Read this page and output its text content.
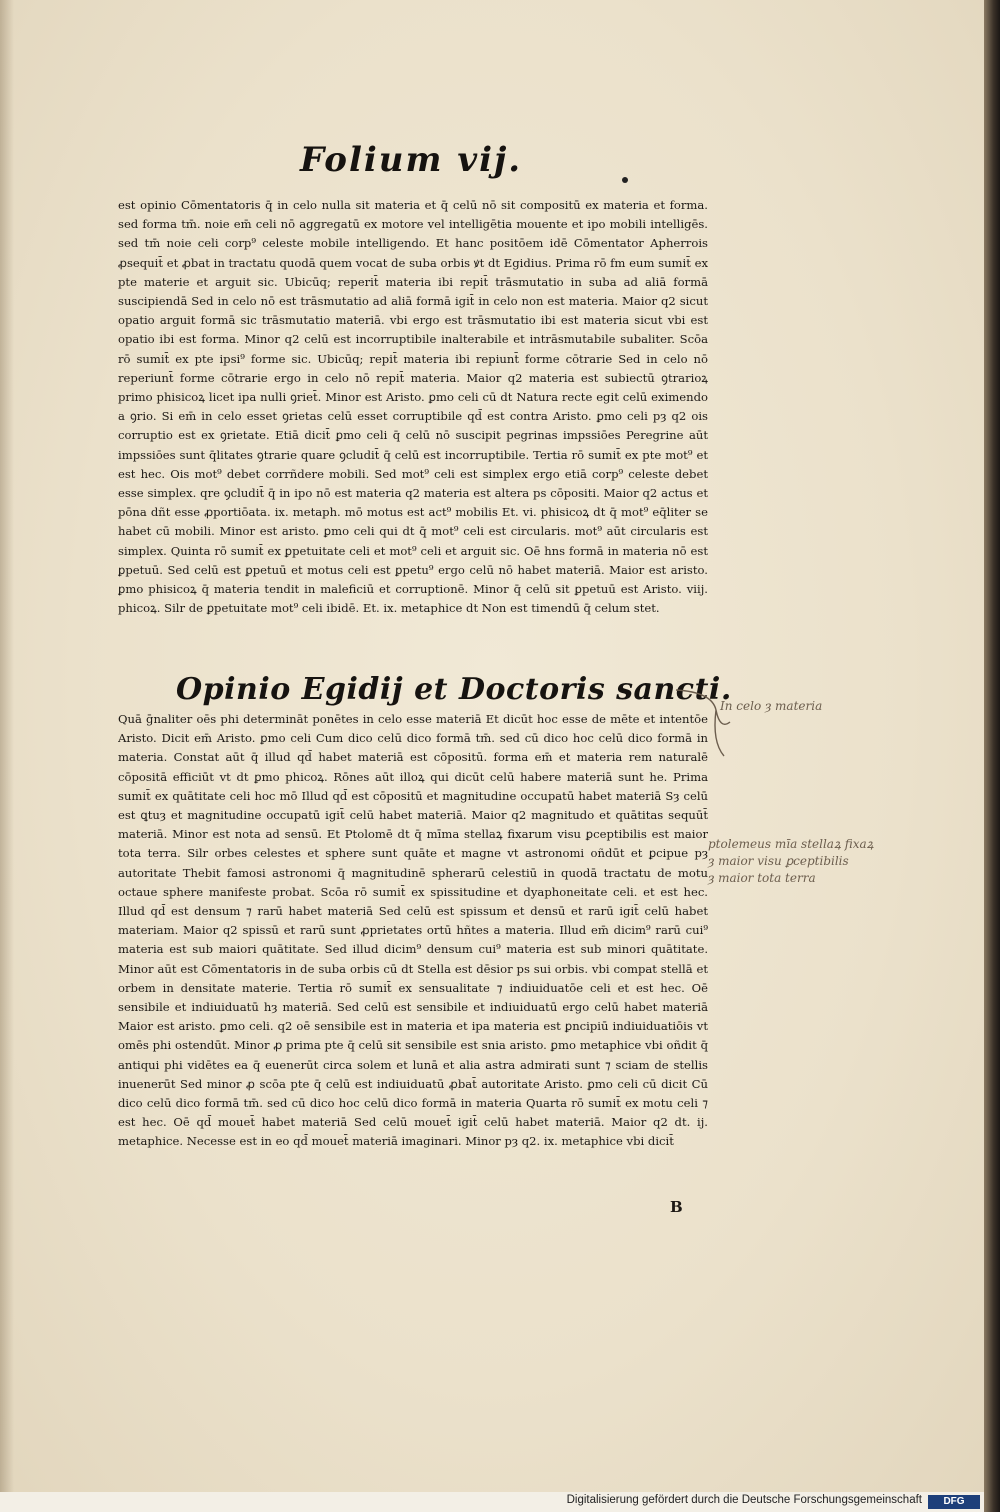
Folium vij.

est opinio Cōmentatoris q̄ in celo nulla sit materia et q̄ celū nō sit compositū ex materia et forma. sed forma tm̄. noie em̄ celi nō aggregatū ex motore vel intelligētia mouente et ipo mobili intelligēs. sed tm̄ noie celi corp⁹ celeste mobile intelligendo. Et hanc positōem idē Cōmentator Apherrois ꝓsequit̄ et ꝓbat in tractatu quodā quem vocat de suba orbis ꝟt dt Egidius. Prima rō fm eum sumit̄ ex pte materie et arguit sic. Ubicūq; reperit̄ materia ibi repit̄ trāsmutatio in suba ad aliā formā suscipiendā Sed in celo nō est trāsmutatio ad aliā formā igit̄ in celo non est materia. Maior q2 sicut opatio arguit formā sic trāsmutatio materiā. vbi ergo est trāsmutatio ibi est materia sicut vbi est opatio ibi est forma. Minor q2 celū est incorruptibile inalterabile et intrāsmutabile subaliter. Scōa rō sumit̄ ex pte ipsi⁹ forme sic. Ubicūq; repit̄ materia ibi repiunt̄ forme cōtrarie Sed in celo nō reperiunt̄ forme cōtrarie ergo in celo nō repit̄ materia. Maior q2 materia est subiectū ꝯtrarioꝝ primo phisicoꝝ licet ipa nulli ꝯriet̄. Minor est Aristo. ꝑmo celi cū dt Natura recte egit celū eximendo a ꝯrio. Si em̄ in celo esset ꝯrietas celū esset corruptibile qd̄ est contra Aristo. ꝑmo celi pȝ q2 ois corruptio est ex ꝯrietate. Etiā dicit̄ ꝑmo celi q̄ celū nō suscipit pegrinas impssiōes Peregrine aūt impssiōes sunt q̄litates ꝯtrarie quare ꝯcludit̄ q̄ celū est incorruptibile. Tertia rō sumit̄ ex pte mot⁹ et est hec. Ois mot⁹ debet corrñdere mobili. Sed mot⁹ celi est simplex ergo etiā corp⁹ celeste debet esse simplex. qre ꝯcludit̄ q̄ in ipo nō est materia q2 materia est altera ps cōpositi. Maior q2 actus et pōna dñt esse ꝓportiōata. ix. metaph. mō motus est act⁹ mobilis Et. vi. phisicoꝝ dt q̄ mot⁹ eq̄liter se habet cū mobili. Minor est aristo. ꝑmo celi qui dt q̄ mot⁹ celi est circularis. mot⁹ aūt circularis est simplex. Quinta rō sumit̄ ex ꝑpetuitate celi et mot⁹ celi et arguit sic. Oē hns formā in materia nō est ꝑpetuū. Sed celū est ꝑpetuū et motus celi est ꝑpetu⁹ ergo celū nō habet materiā. Maior est aristo. ꝑmo phisicoꝝ q̄ materia tendit in maleficiū et corruptionē. Minor q̄ celū sit ꝑpetuū est Aristo. viij. phicoꝝ. Silr de ꝑpetuitate mot⁹ celi ibidē. Et. ix. metaphice dt Non est timendū q̄ celum stet.

Opinio Egidij et Doctoris sancti.

Quā ḡnaliter oēs phi determināt ponētes in celo esse materiā Et dicūt hoc esse de mēte et intentōe Aristo. Dicit em̄ Aristo. ꝑmo celi Cum dico celū dico formā tm̄. sed cū dico hoc celū dico formā in materia. Constat aūt q̄ illud qd̄ habet materiā est cōpositū. forma em̄ et materia rem naturalē cōpositā efficiūt vt dt ꝑmo phicoꝝ. Rōnes aūt illoꝝ qui dicūt celū habere materiā sunt he. Prima sumit̄ ex quātitate celi hoc mō Illud qd̄ est cōpositū et magnitudine occupatū habet materiā Sȝ celū est ꝗtuȝ et magnitudine occupatū igit̄ celū habet materiā. Maior q2 magnitudo et quātitas sequūt̄ materiā. Minor est nota ad sensū. Et Ptolomē dt q̄ mīma stellaꝝ fixarum visu ꝑceptibilis est maior tota terra. Silr orbes celestes et sphere sunt quāte et magne vt astronomi oñdūt et ꝑcipue pȝ autoritate Thebit famosi astronomi q̄ magnitudinē spherarū celestiū in quodā tractatu de motu octaue sphere manifeste probat. Scōa rō sumit̄ ex spissitudine et dyaphoneitate celi. et est hec. Illud qd̄ est densum ⁊ rarū habet materiā Sed celū est spissum et densū et rarū igit̄ celū habet materiam. Maior q2 spissū et rarū sunt ꝓprietates ortū hñtes a materia. Illud em̄ dicim⁹ rarū cui⁹ materia est sub maiori quātitate. Sed illud dicim⁹ densum cui⁹ materia est sub minori quātitate. Minor aūt est Cōmentatoris in de suba orbis cū dt Stella est dēsior ps sui orbis. vbi compat stellā et orbem in densitate materie. Tertia rō sumit̄ ex sensualitate ⁊ indiuiduatōe celi et est hec. Oē sensibile et indiuiduatū hȝ materiā. Sed celū est sensibile et indiuiduatū ergo celū habet materiā Maior est aristo. ꝑmo celi. q2 oē sensibile est in materia et ipa materia est ꝑncipiū indiuiduatiōis vt omēs phi ostendūt. Minor ꝓ prima pte q̄ celū sit sensibile est snia aristo. ꝑmo metaphice vbi oñdit q̄ antiqui phi vidētes ea q̄ euenerūt circa solem et lunā et alia astra admirati sunt ⁊ sciam de stellis inuenerūt Sed minor ꝓ scōa pte q̄ celū est indiuiduatū ꝓbat̄ autoritate Aristo. ꝑmo celi cū dicit Cū dico celū dico formā tm̄. sed cū dico hoc celū dico formā in materia Quarta rō sumit̄ ex motu celi ⁊ est hec. Oē qd̄ mouet̄ habet materiā Sed celū mouet̄ igit̄ celū habet materiā. Maior q2 dt. ij. metaphice. Necesse est in eo qd̄ mouet̄ materiā imaginari. Minor pȝ q2. ix. metaphice vbi dicit̄

B
In celo ȝ materia
ptolemeus mīa stellaꝝ fixaꝝ
ȝ maior visu ꝑceptibilis
ȝ maior tota terra
Digitalisierung gefördert durch die Deutsche Forschungsgemeinschaft	DFG
